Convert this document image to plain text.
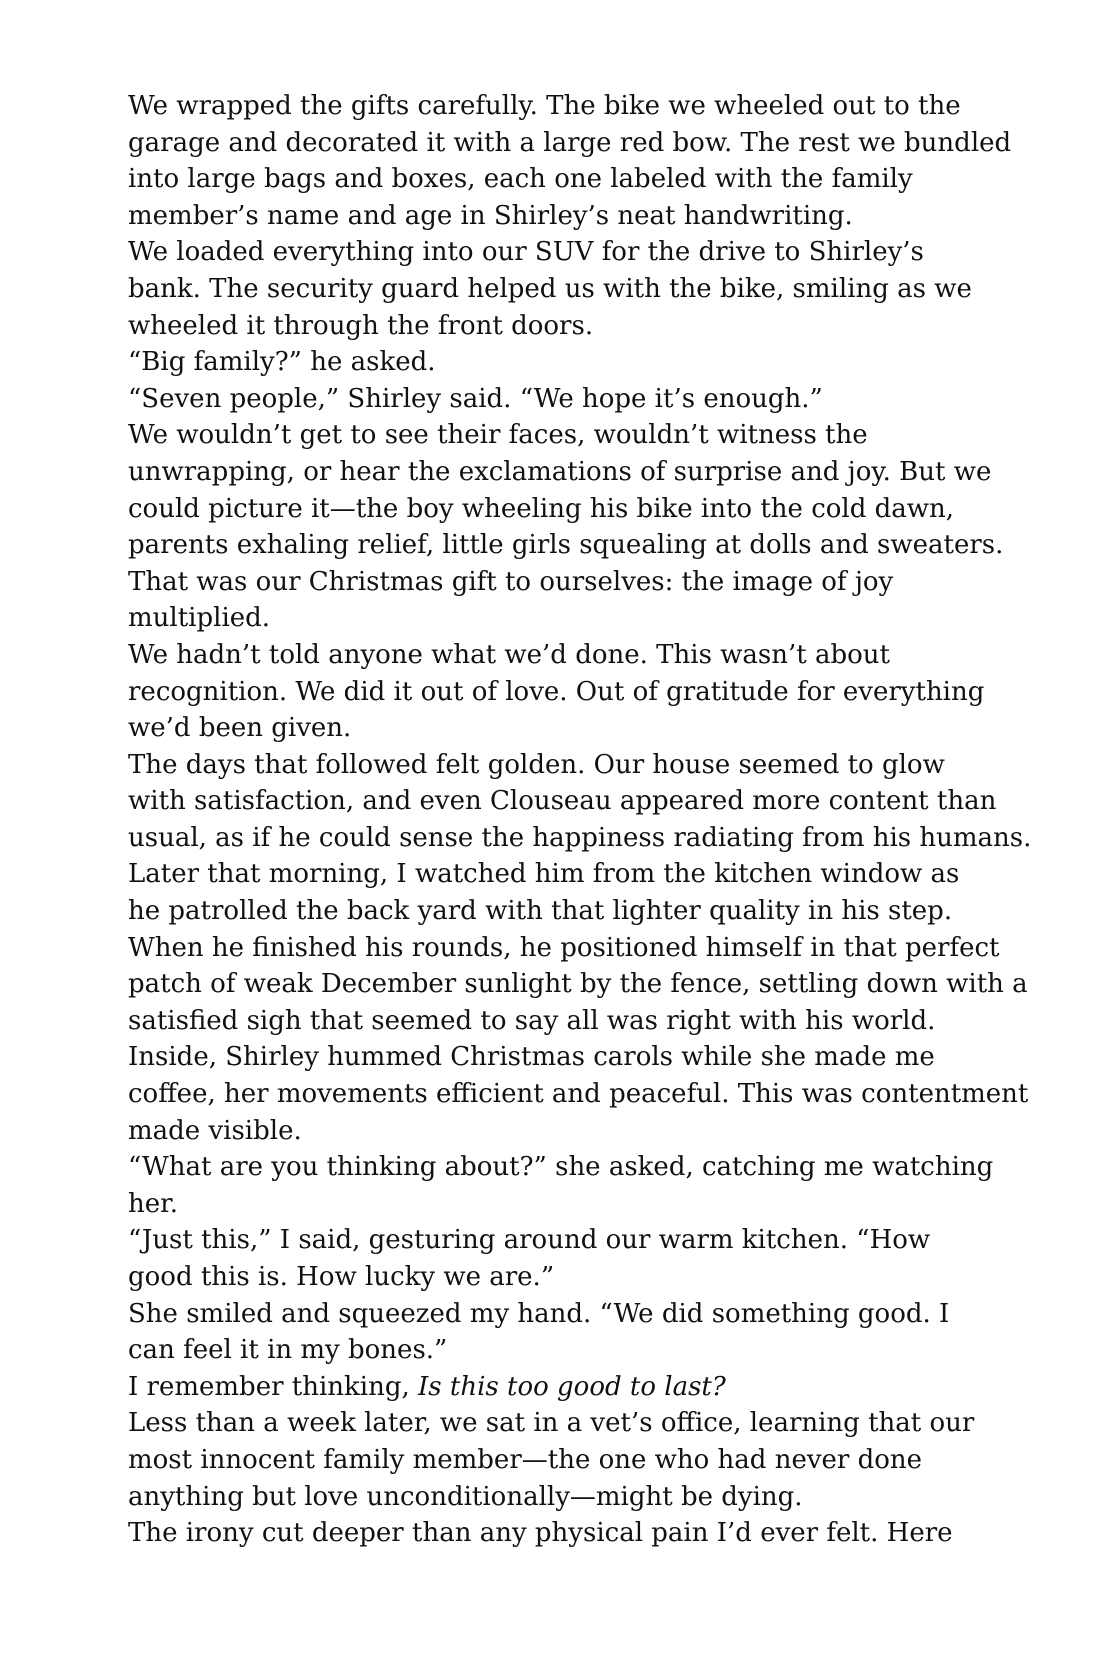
We wrapped the gifts carefully. The bike we wheeled out to the
garage and decorated it with a large red bow. The rest we bundled
into large bags and boxes, each one labeled with the family
member’s name and age in Shirley’s neat handwriting.

We loaded everything into our SUV for the drive to Shirley’s
bank. The security guard helped us with the bike, smiling as we
wheeled it through the front doors.

“Big family?” he asked.

“Seven people,” Shirley said. “We hope it’s enough.”

We wouldn’t get to see their faces, wouldn’t witness the
unwrapping, or hear the exclamations of surprise and joy. But we
could picture it—the boy wheeling his bike into the cold dawn,
parents exhaling relief, little girls squealing at dolls and sweaters.
That was our Christmas gift to ourselves: the image of joy
multiplied.

We hadn’t told anyone what we’d done. This wasn’t about
recognition. We did it out of love. Out of gratitude for everything
we’d been given.

The days that followed felt golden. Our house seemed to glow
with satisfaction, and even Clouseau appeared more content than
usual, as if he could sense the happiness radiating from his humans.

Later that morning, I watched him from the kitchen window as
he patrolled the back yard with that lighter quality in his step.
When he finished his rounds, he positioned himself in that perfect
patch of weak December sunlight by the fence, settling down with a
satisfied sigh that seemed to say all was right with his world.

Inside, Shirley hummed Christmas carols while she made me
coffee, her movements efficient and peaceful. This was contentment
made visible.

“What are you thinking about?” she asked, catching me watching
her.

“Just this,” I said, gesturing around our warm kitchen. “How
good this is. How lucky we are.”

She smiled and squeezed my hand. “We did something good. I
can feel it in my bones.”

I remember thinking, Is this too good to last?

Less than a week later, we sat in a vet’s office, learning that our
most innocent family member—the one who had never done
anything but love unconditionally—might be dying.

The irony cut deeper than any physical pain I’d ever felt. Here
